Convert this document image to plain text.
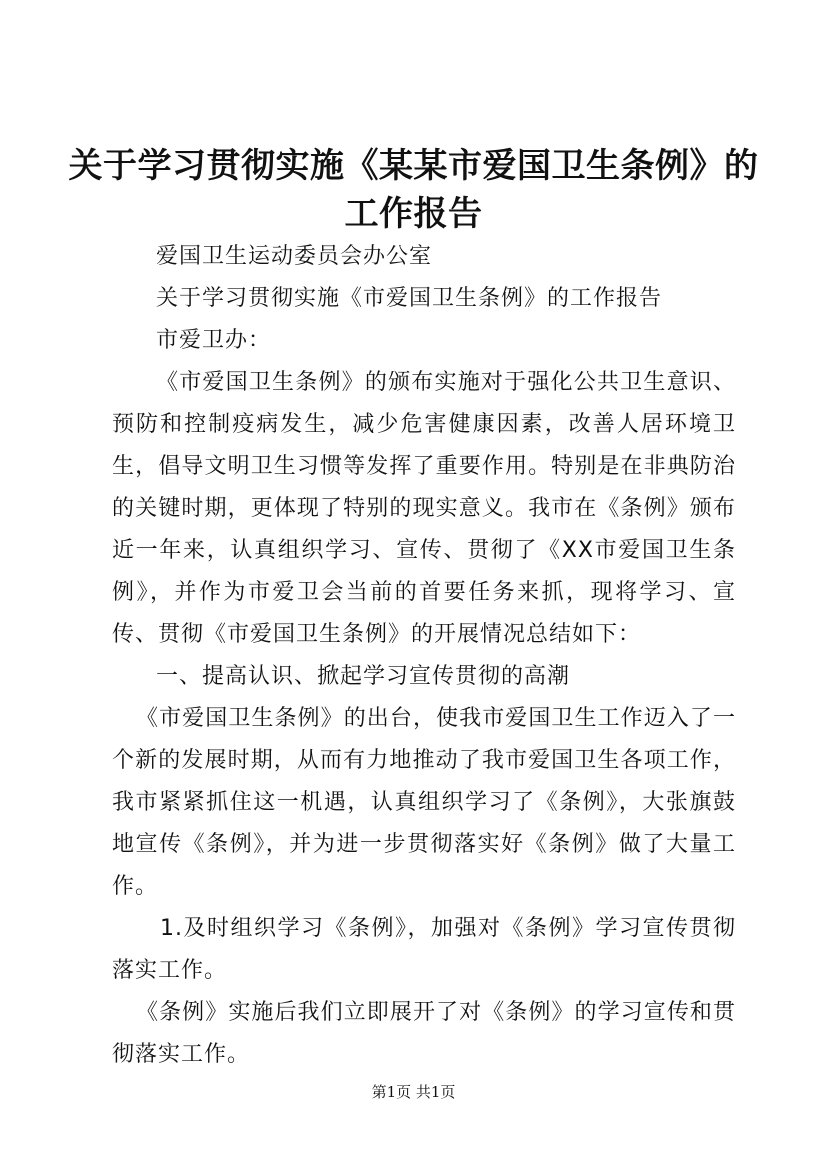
关于学习贯彻实施《某某市爱国卫生条例》的工作报告

爱国卫生运动委员会办公室

关于学习贯彻实施《市爱国卫生条例》的工作报告

市爱卫办：

《市爱国卫生条例》的颁布实施对于强化公共卫生意识、预防和控制疫病发生，减少危害健康因素，改善人居环境卫生，倡导文明卫生习惯等发挥了重要作用。特别是在非典防治的关键时期，更体现了特别的现实意义。我市在《条例》颁布近一年来，认真组织学习、宣传、贯彻了《XX市爱国卫生条例》，并作为市爱卫会当前的首要任务来抓，现将学习、宣传、贯彻《市爱国卫生条例》的开展情况总结如下：

一、提高认识、掀起学习宣传贯彻的高潮

《市爱国卫生条例》的出台，使我市爱国卫生工作迈入了一个新的发展时期，从而有力地推动了我市爱国卫生各项工作，我市紧紧抓住这一机遇，认真组织学习了《条例》，大张旗鼓地宣传《条例》，并为进一步贯彻落实好《条例》做了大量工作。

1.及时组织学习《条例》，加强对《条例》学习宣传贯彻落实工作。

《条例》实施后我们立即展开了对《条例》的学习宣传和贯彻落实工作。

第1页 共1页
